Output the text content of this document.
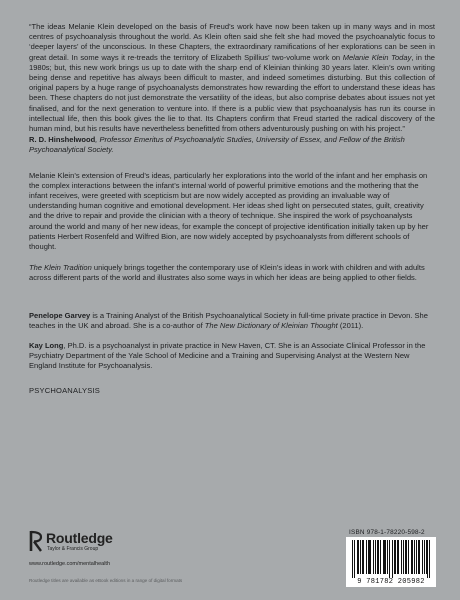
“The ideas Melanie Klein developed on the basis of Freud’s work have now been taken up in many ways and in most centres of psychoanalysis throughout the world. As Klein often said she felt she had moved the psychoanalytic focus to ‘deeper layers’ of the unconscious. In these Chapters, the extraordinary ramifications of her explorations can be seen in great detail. In some ways it re-treads the territory of Elizabeth Spillius’ two-volume work on Melanie Klein Today, in the 1980s; but, this new work brings us up to date with the sharp end of Kleinian thinking 30 years later. Klein’s own writing being dense and repetitive has always been difficult to master, and indeed sometimes disturbing. But this collection of original papers by a huge range of psychoanalysts demonstrates how rewarding the effort to understand these ideas has been. These chapters do not just demonstrate the versatility of the ideas, but also comprise debates about issues not yet finalised, and for the next generation to venture into. If there is a public view that psychoanalysis has run its course in intellectual life, then this book gives the lie to that. Its Chapters confirm that Freud started the radical discovery of the human mind, but his results have nevertheless benefitted from others adventurously pushing on with his project.”

R. D. Hinshelwood, Professor Emeritus of Psychoanalytic Studies, University of Essex, and Fellow of the British Psychoanalytical Society.

Melanie Klein’s extension of Freud’s ideas, particularly her explorations into the world of the infant and her emphasis on the complex interactions between the infant’s internal world of powerful primitive emotions and the mothering that the infant receives, were greeted with scepticism but are now widely accepted as providing an invaluable way of understanding human cognitive and emotional development. Her ideas shed light on persecuted states, guilt, creativity and the drive to repair and provide the clinician with a theory of technique. She inspired the work of psychoanalysts around the world and many of her new ideas, for example the concept of projective identification initially taken up by her patients Herbert Rosenfeld and Wilfred Bion, are now widely accepted by psychoanalysts from different schools of thought.

The Klein Tradition uniquely brings together the contemporary use of Klein’s ideas in work with children and with adults across different parts of the world and illustrates also some ways in which her ideas are being applied to other fields.

Penelope Garvey is a Training Analyst of the British Psychoanalytical Society in full-time private practice in Devon. She teaches in the UK and abroad. She is a co-author of The New Dictionary of Kleinian Thought (2011).

Kay Long, Ph.D. is a psychoanalyst in private practice in New Haven, CT. She is an Associate Clinical Professor in the Psychiatry Department of the Yale School of Medicine and a Training and Supervising Analyst at the Western New England Institute for Psychoanalysis.

PSYCHOANALYSIS

Routledge
Taylor & Francis Group
www.routledge.com/mentalhealth
Routledge titles are available as eBook editions in a range of digital formats
ISBN 978-1-78220-598-2
9 781782 205982
